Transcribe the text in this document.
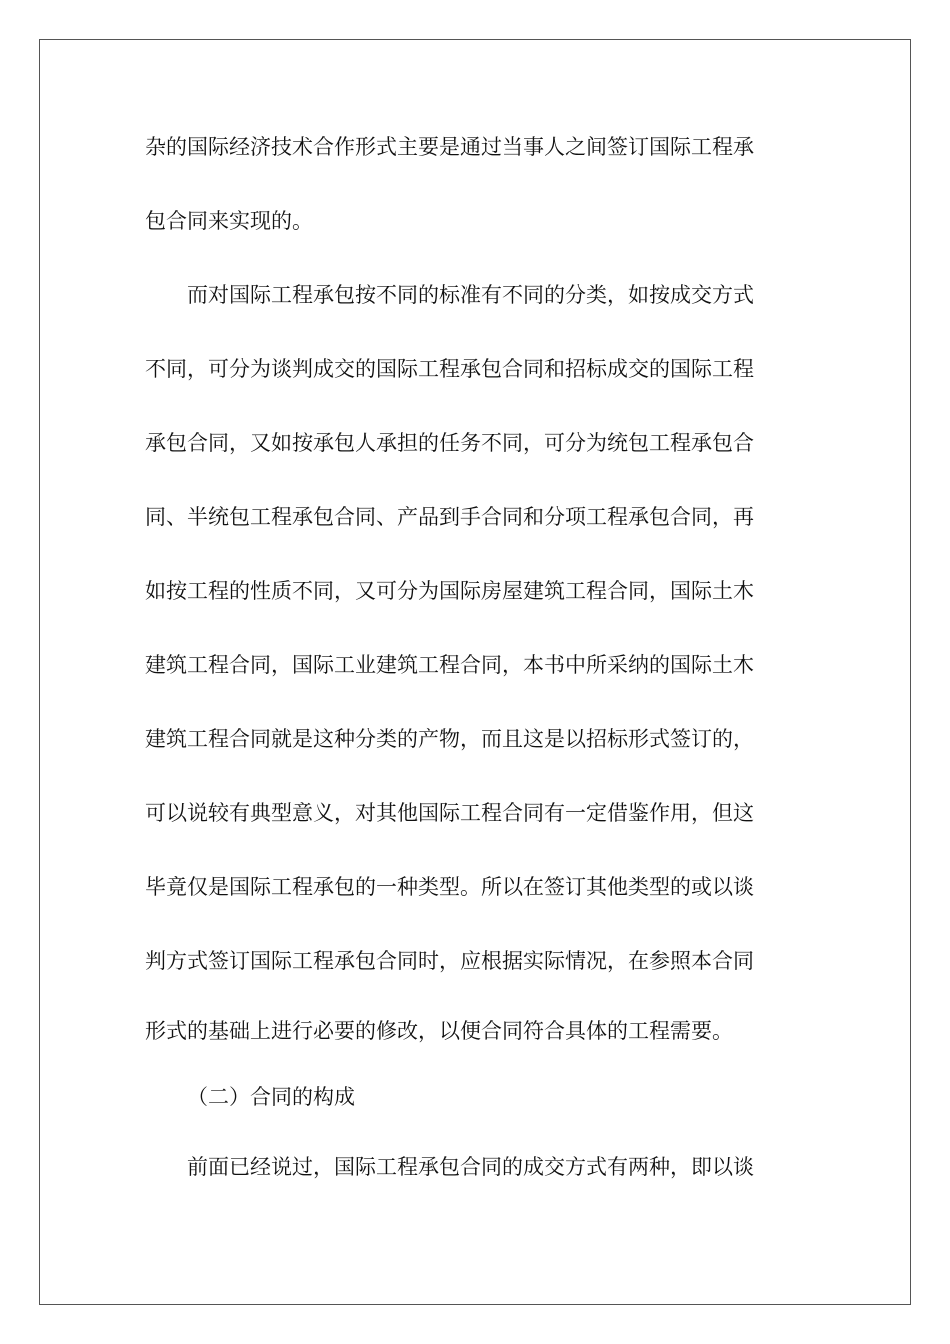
杂的国际经济技术合作形式主要是通过当事人之间签订国际工程承
包合同来实现的。
而对国际工程承包按不同的标准有不同的分类，如按成交方式
不同，可分为谈判成交的国际工程承包合同和招标成交的国际工程
承包合同，又如按承包人承担的任务不同，可分为统包工程承包合
同、半统包工程承包合同、产品到手合同和分项工程承包合同，再
如按工程的性质不同，又可分为国际房屋建筑工程合同，国际土木
建筑工程合同，国际工业建筑工程合同，本书中所采纳的国际土木
建筑工程合同就是这种分类的产物，而且这是以招标形式签订的，
可以说较有典型意义，对其他国际工程合同有一定借鉴作用，但这
毕竟仅是国际工程承包的一种类型。所以在签订其他类型的或以谈
判方式签订国际工程承包合同时，应根据实际情况，在参照本合同
形式的基础上进行必要的修改，以便合同符合具体的工程需要。
（二）合同的构成
前面已经说过，国际工程承包合同的成交方式有两种，即以谈
